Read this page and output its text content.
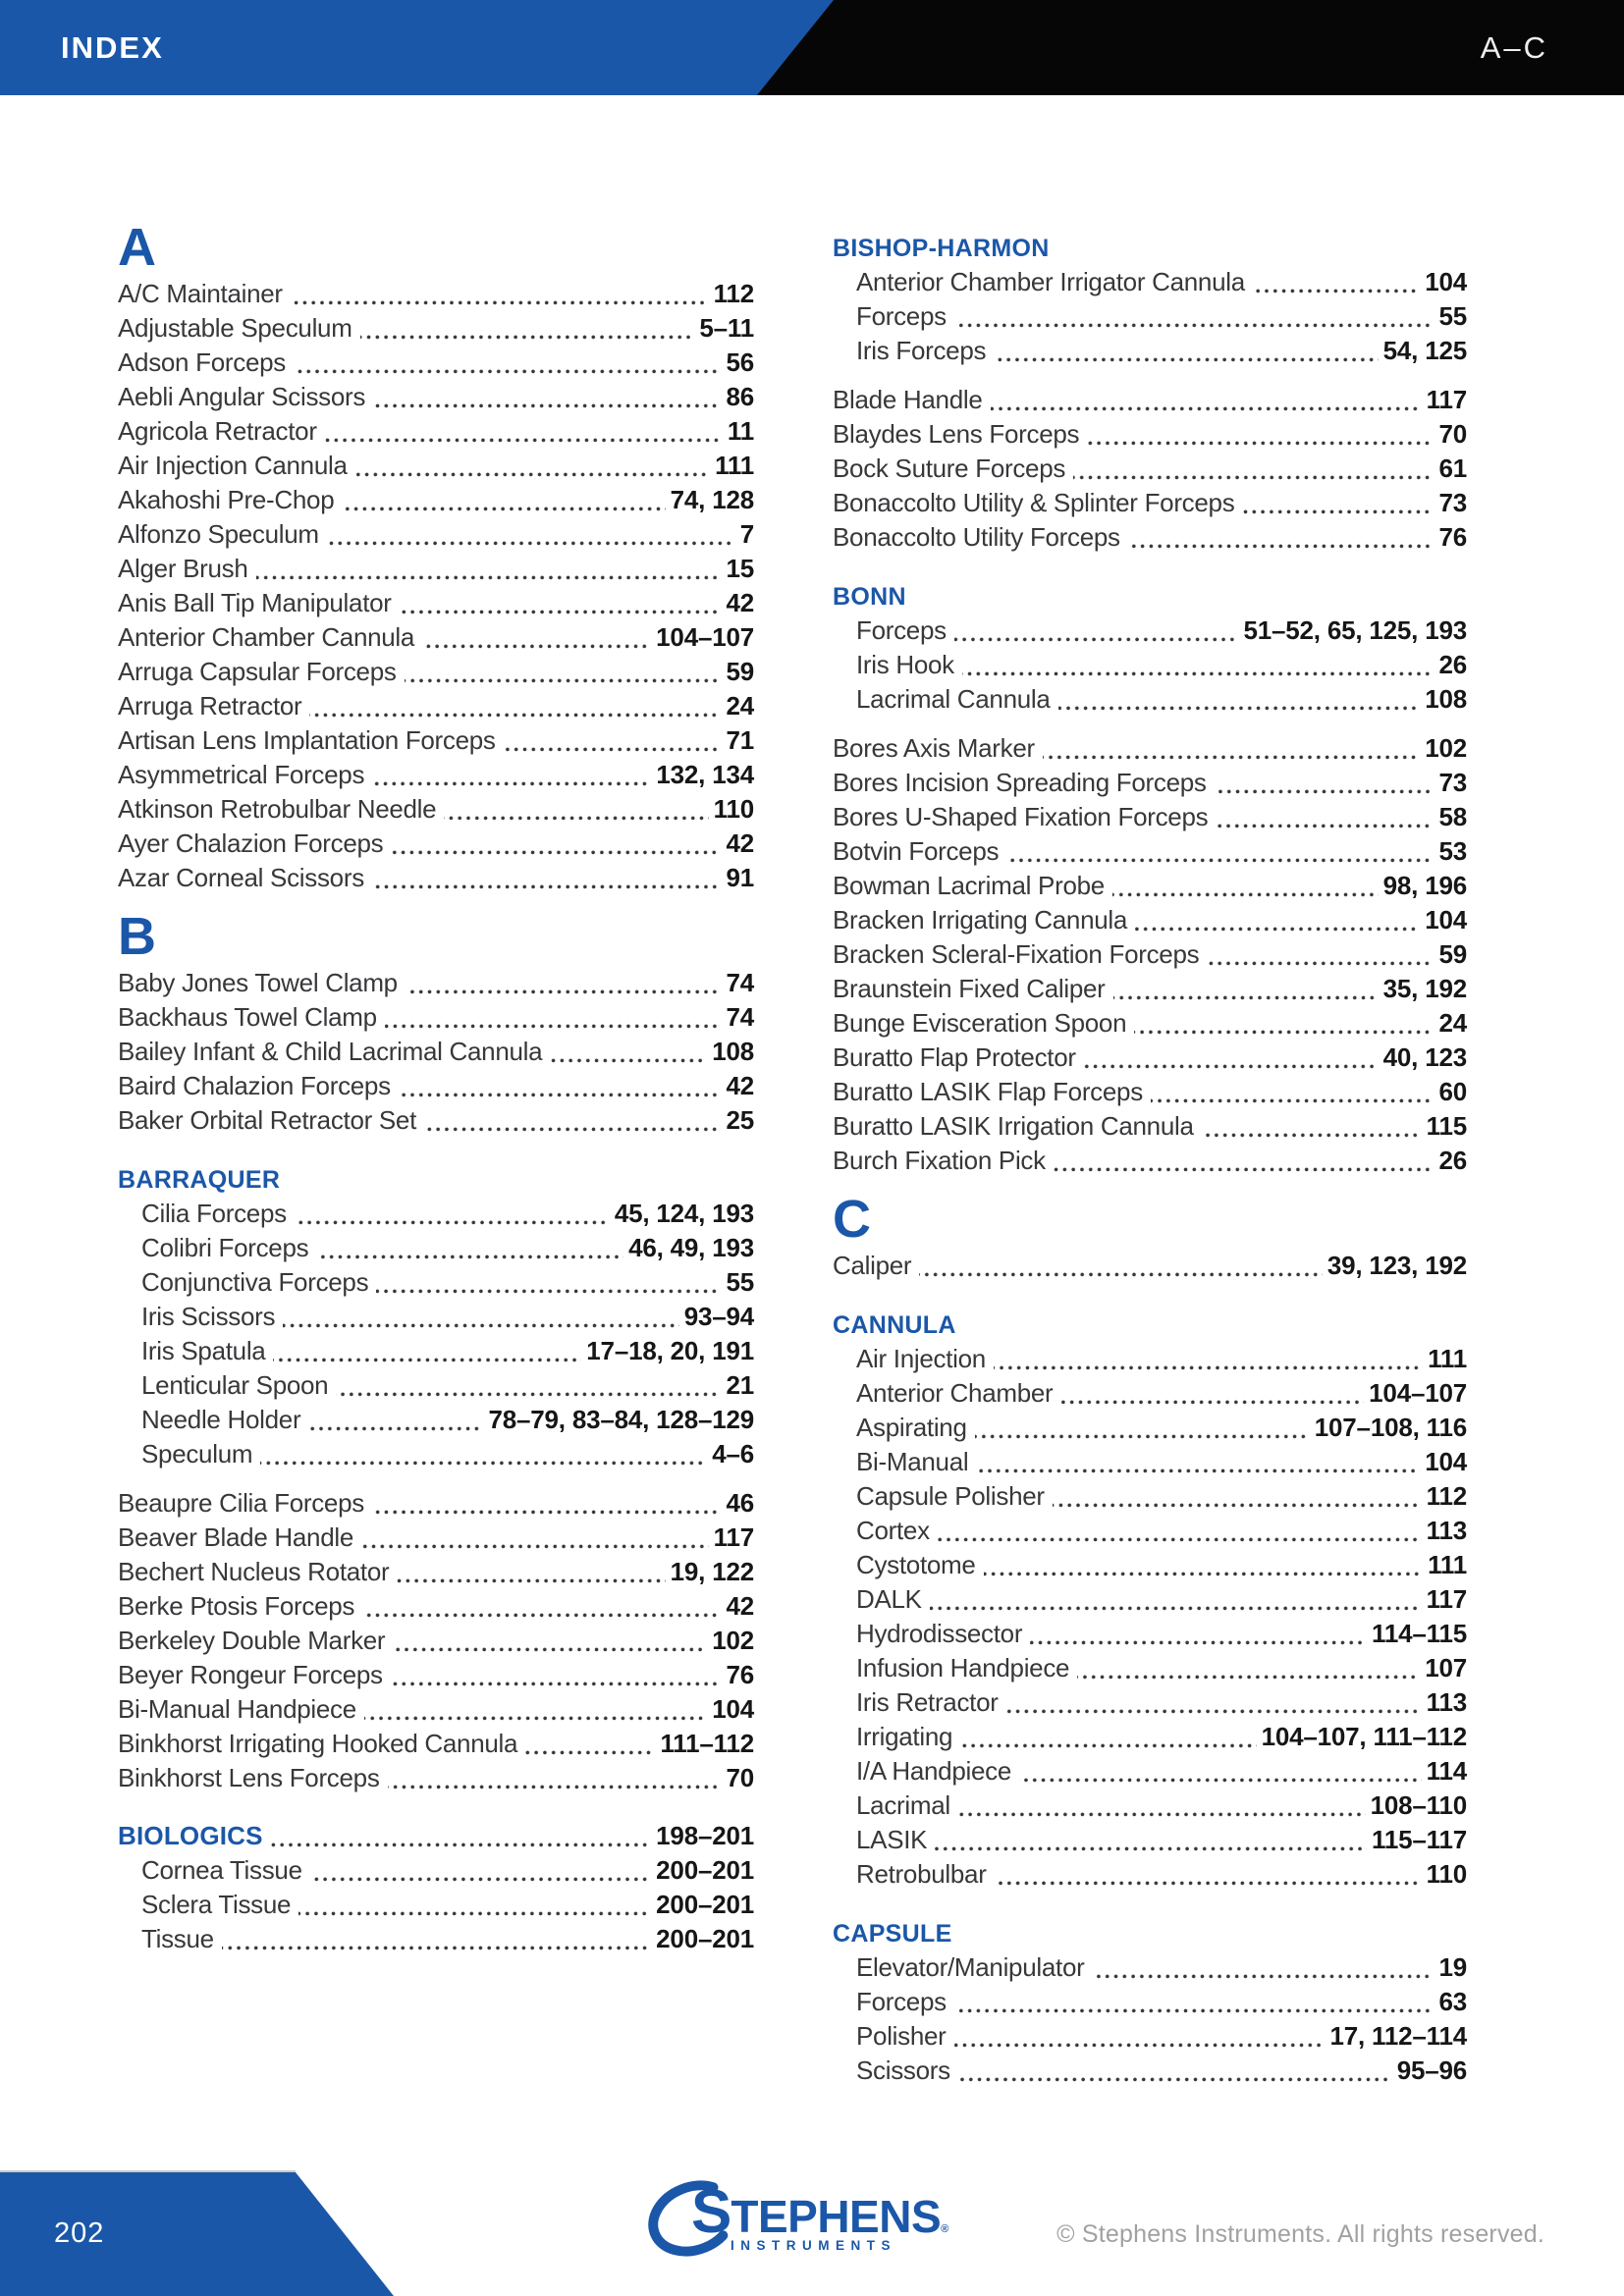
INDEX	A–C
A
A/C Maintainer	112
Adjustable Speculum	5–11
Adson Forceps	56
Aebli Angular Scissors	86
Agricola Retractor	11
Air Injection Cannula	111
Akahoshi Pre-Chop	74, 128
Alfonzo Speculum	7
Alger Brush	15
Anis Ball Tip Manipulator	42
Anterior Chamber Cannula	104–107
Arruga Capsular Forceps	59
Arruga Retractor	24
Artisan Lens Implantation Forceps	71
Asymmetrical Forceps	132, 134
Atkinson Retrobulbar Needle	110
Ayer Chalazion Forceps	42
Azar Corneal Scissors	91
B
Baby Jones Towel Clamp	74
Backhaus Towel Clamp	74
Bailey Infant & Child Lacrimal Cannula	108
Baird Chalazion Forceps	42
Baker Orbital Retractor Set	25
BARRAQUER
Cilia Forceps	45, 124, 193
Colibri Forceps	46, 49, 193
Conjunctiva Forceps	55
Iris Scissors	93–94
Iris Spatula	17–18, 20, 191
Lenticular Spoon	21
Needle Holder	78–79, 83–84, 128–129
Speculum	4–6
Beaupre Cilia Forceps	46
Beaver Blade Handle	117
Bechert Nucleus Rotator	19, 122
Berke Ptosis Forceps	42
Berkeley Double Marker	102
Beyer Rongeur Forceps	76
Bi-Manual Handpiece	104
Binkhorst Irrigating Hooked Cannula	111–112
Binkhorst Lens Forceps	70
BIOLOGICS	198–201
Cornea Tissue	200–201
Sclera Tissue	200–201
Tissue	200–201
BISHOP-HARMON
Anterior Chamber Irrigator Cannula	104
Forceps	55
Iris Forceps	54, 125
Blade Handle	117
Blaydes Lens Forceps	70
Bock Suture Forceps	61
Bonaccolto Utility & Splinter Forceps	73
Bonaccolto Utility Forceps	76
BONN
Forceps	51–52, 65, 125, 193
Iris Hook	26
Lacrimal Cannula	108
Bores Axis Marker	102
Bores Incision Spreading Forceps	73
Bores U-Shaped Fixation Forceps	58
Botvin Forceps	53
Bowman Lacrimal Probe	98, 196
Bracken Irrigating Cannula	104
Bracken Scleral-Fixation Forceps	59
Braunstein Fixed Caliper	35, 192
Bunge Evisceration Spoon	24
Buratto Flap Protector	40, 123
Buratto LASIK Flap Forceps	60
Buratto LASIK Irrigation Cannula	115
Burch Fixation Pick	26
C
Caliper	39, 123, 192
CANNULA
Air Injection	111
Anterior Chamber	104–107
Aspirating	107–108, 116
Bi-Manual	104
Capsule Polisher	112
Cortex	113
Cystotome	111
DALK	117
Hydrodissector	114–115
Infusion Handpiece	107
Iris Retractor	113
Irrigating	104–107, 111–112
I/A Handpiece	114
Lacrimal	108–110
LASIK	115–117
Retrobulbar	110
CAPSULE
Elevator/Manipulator	19
Forceps	63
Polisher	17, 112–114
Scissors	95–96
202	STEPHENS®
INSTRUMENTS	© Stephens Instruments. All rights reserved.
